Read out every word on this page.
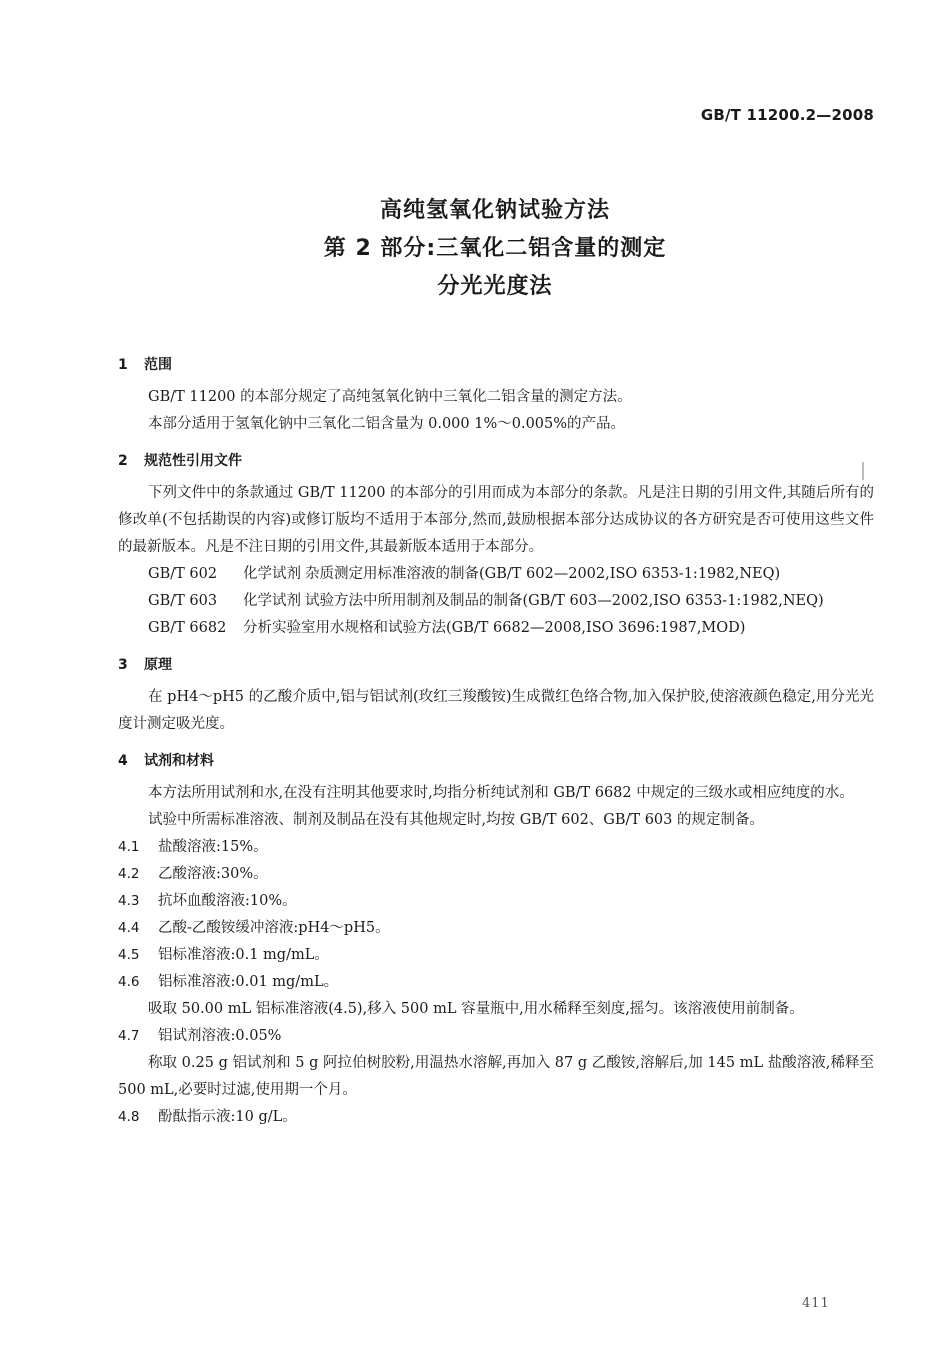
GB/T 11200.2—2008
高纯氢氧化钠试验方法
第 2 部分:三氧化二铝含量的测定
分光光度法
1 范围

GB/T 11200 的本部分规定了高纯氢氧化钠中三氧化二铝含量的测定方法。

本部分适用于氢氧化钠中三氧化二铝含量为 0.000 1%～0.005%的产品。

2 规范性引用文件

下列文件中的条款通过 GB/T 11200 的本部分的引用而成为本部分的条款。凡是注日期的引用文件,其随后所有的修改单(不包括勘误的内容)或修订版均不适用于本部分,然而,鼓励根据本部分达成协议的各方研究是否可使用这些文件的最新版本。凡是不注日期的引用文件,其最新版本适用于本部分。

GB/T 602 化学试剂 杂质测定用标准溶液的制备(GB/T 602—2002,ISO 6353-1:1982,NEQ)

GB/T 603 化学试剂 试验方法中所用制剂及制品的制备(GB/T 603—2002,ISO 6353-1:1982,NEQ)

GB/T 6682 分析实验室用水规格和试验方法(GB/T 6682—2008,ISO 3696:1987,MOD)

3 原理

在 pH4～pH5 的乙酸介质中,铝与铝试剂(玫红三羧酸铵)生成微红色络合物,加入保护胶,使溶液颜色稳定,用分光光度计测定吸光度。

4 试剂和材料

本方法所用试剂和水,在没有注明其他要求时,均指分析纯试剂和 GB/T 6682 中规定的三级水或相应纯度的水。

试验中所需标准溶液、制剂及制品在没有其他规定时,均按 GB/T 602、GB/T 603 的规定制备。

4.1	盐酸溶液:15%。
4.2	乙酸溶液:30%。
4.3	抗坏血酸溶液:10%。
4.4	乙酸-乙酸铵缓冲溶液:pH4～pH5。
4.5	铝标准溶液:0.1 mg/mL。
4.6	铝标准溶液:0.01 mg/mL。

吸取 50.00 mL 铝标准溶液(4.5),移入 500 mL 容量瓶中,用水稀释至刻度,摇匀。该溶液使用前制备。

4.7	铝试剂溶液:0.05%

称取 0.25 g 铝试剂和 5 g 阿拉伯树胶粉,用温热水溶解,再加入 87 g 乙酸铵,溶解后,加 145 mL 盐酸溶液,稀释至 500 mL,必要时过滤,使用期一个月。

4.8	酚酞指示液:10 g/L。
411
